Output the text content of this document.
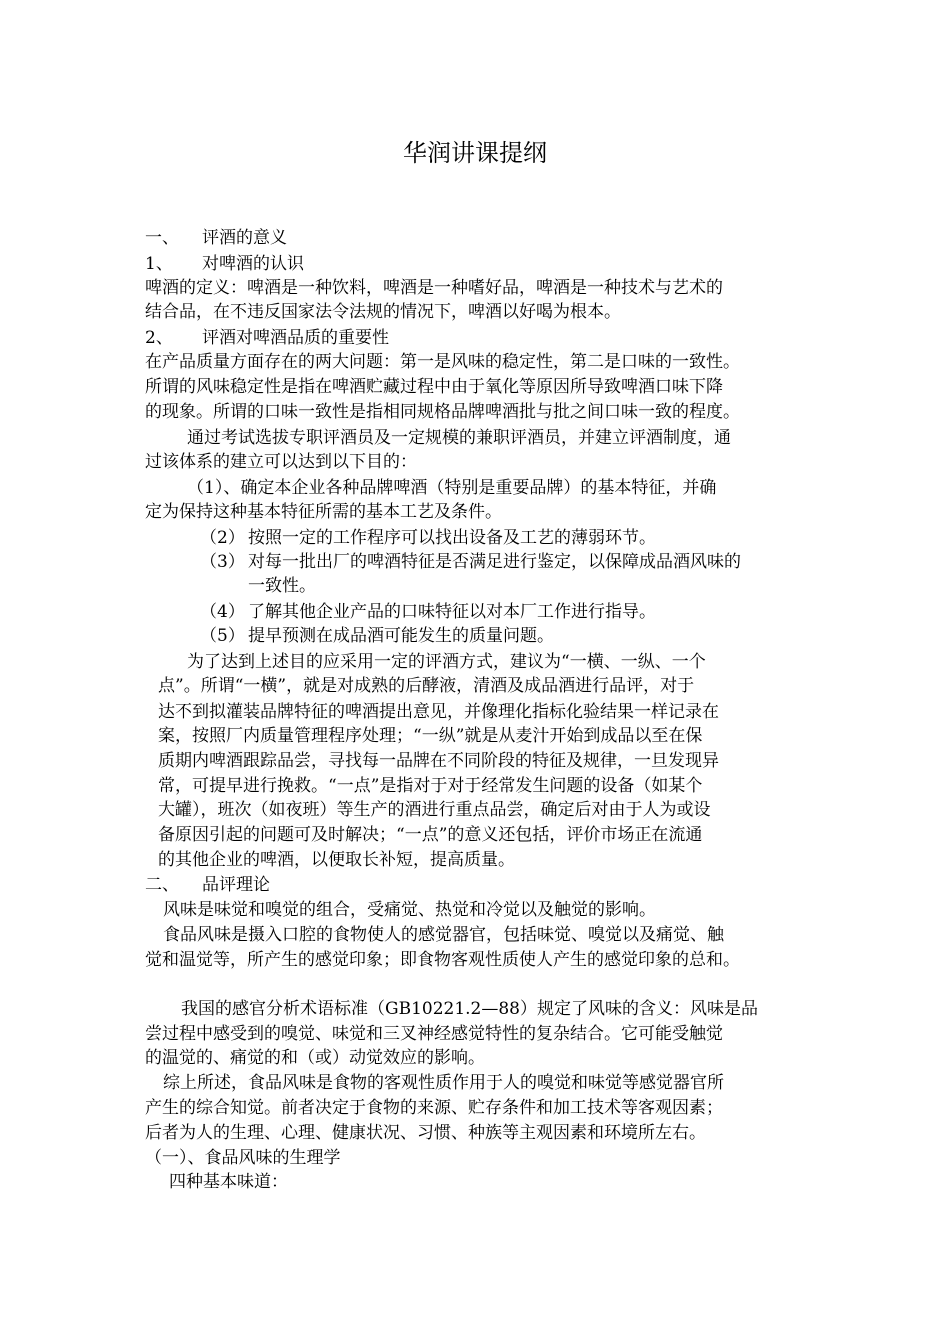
华润讲课提纲
一、 评酒的意义
1、 对啤酒的认识
啤酒的定义：啤酒是一种饮料，啤酒是一种嗜好品，啤酒是一种技术与艺术的
结合品，在不违反国家法令法规的情况下，啤酒以好喝为根本。
2、 评酒对啤酒品质的重要性
在产品质量方面存在的两大问题：第一是风味的稳定性，第二是口味的一致性。
所谓的风味稳定性是指在啤酒贮藏过程中由于氧化等原因所导致啤酒口味下降
的现象。所谓的口味一致性是指相同规格品牌啤酒批与批之间口味一致的程度。
通过考试选拔专职评酒员及一定规模的兼职评酒员，并建立评酒制度，通
过该体系的建立可以达到以下目的：
（1）、确定本企业各种品牌啤酒（特别是重要品牌）的基本特征，并确
定为保持这种基本特征所需的基本工艺及条件。
（2） 按照一定的工作程序可以找出设备及工艺的薄弱环节。
（3） 对每一批出厂的啤酒特征是否满足进行鉴定，以保障成品酒风味的
一致性。
（4） 了解其他企业产品的口味特征以对本厂工作进行指导。
（5） 提早预测在成品酒可能发生的质量问题。
为了达到上述目的应采用一定的评酒方式，建议为“一横、一纵、一个
点”。所谓“一横”，就是对成熟的后酵液，清酒及成品酒进行品评，对于
达不到拟灌装品牌特征的啤酒提出意见，并像理化指标化验结果一样记录在
案，按照厂内质量管理程序处理；“一纵”就是从麦汁开始到成品以至在保
质期内啤酒跟踪品尝，寻找每一品牌在不同阶段的特征及规律，一旦发现异
常，可提早进行挽救。“一点”是指对于对于经常发生问题的设备（如某个
大罐），班次（如夜班）等生产的酒进行重点品尝，确定后对由于人为或设
备原因引起的问题可及时解决；“一点”的意义还包括，评价市场正在流通
的其他企业的啤酒，以便取长补短，提高质量。
二、 品评理论
风味是味觉和嗅觉的组合，受痛觉、热觉和冷觉以及触觉的影响。
食品风味是摄入口腔的食物使人的感觉器官，包括味觉、嗅觉以及痛觉、触
觉和温觉等，所产生的感觉印象；即食物客观性质使人产生的感觉印象的总和。
我国的感官分析术语标准（GB10221.2—88）规定了风味的含义：风味是品
尝过程中感受到的嗅觉、味觉和三叉神经感觉特性的复杂结合。它可能受触觉
的温觉的、痛觉的和（或）动觉效应的影响。
综上所述，食品风味是食物的客观性质作用于人的嗅觉和味觉等感觉器官所
产生的综合知觉。前者决定于食物的来源、贮存条件和加工技术等客观因素；
后者为人的生理、心理、健康状况、习惯、种族等主观因素和环境所左右。
（一）、食品风味的生理学
四种基本味道：
